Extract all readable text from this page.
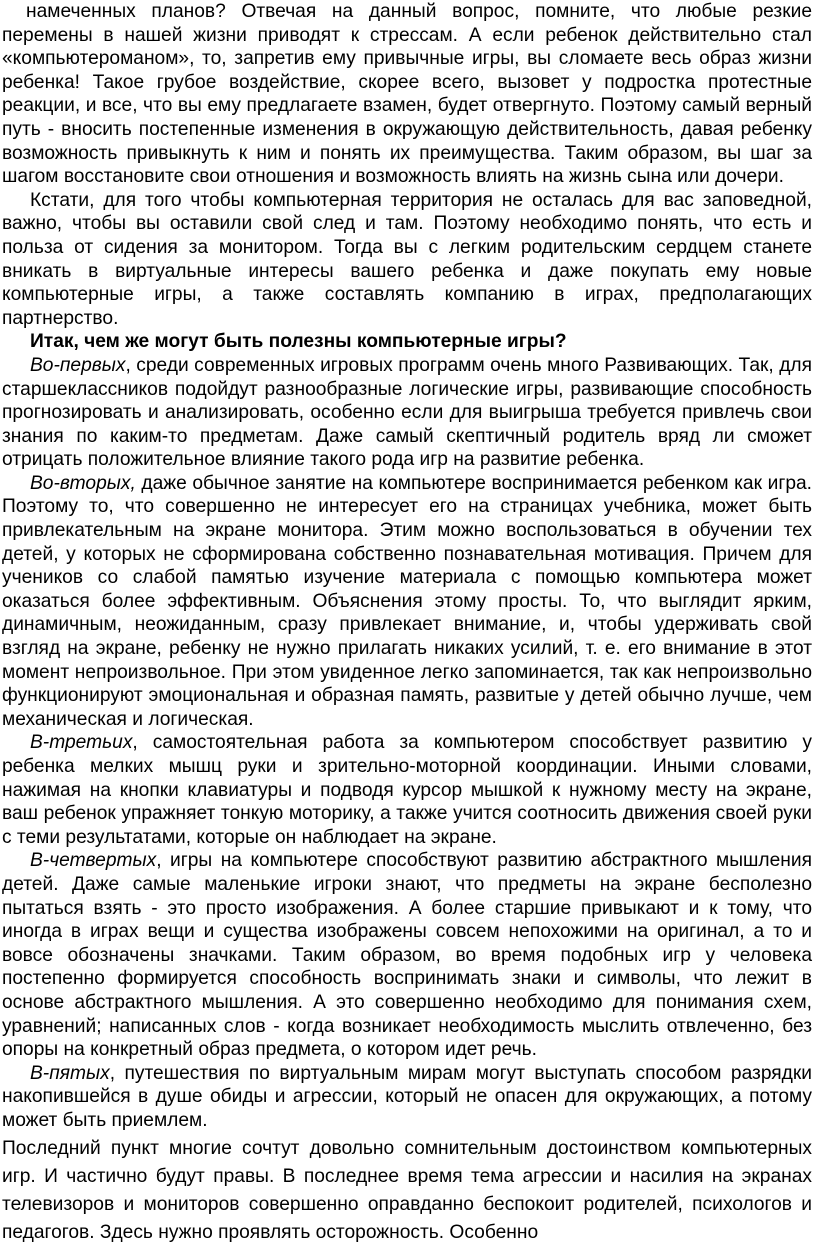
намеченных планов? Отвечая на данный вопрос, помните, что любые резкие перемены в нашей жизни приводят к стрессам. А если ребенок действительно стал «компьютероманом», то, запретив ему привычные игры, вы сломаете весь образ жизни ребенка! Такое грубое воздействие, скорее всего, вызовет у подростка протестные реакции, и все, что вы ему предлагаете взамен, будет отвергнуто. Поэтому самый верный путь - вносить постепенные изменения в окружающую действительность, давая ребенку возможность привыкнуть к ним и понять их преимущества. Таким образом, вы шаг за шагом восстановите свои отношения и возможность влиять на жизнь сына или дочери.

Кстати, для того чтобы компьютерная территория не осталась для вас заповедной, важно, чтобы вы оставили свой след и там. Поэтому необходимо понять, что есть и польза от сидения за монитором. Тогда вы с легким родительским сердцем станете вникать в виртуальные интересы вашего ребенка и даже покупать ему новые компьютерные игры, а также составлять компанию в играх, предполагающих партнерство.

Итак, чем же могут быть полезны компьютерные игры?

Во-первых, среди современных игровых программ очень много Развивающих. Так, для старшеклассников подойдут разнообразные логические игры, развивающие способность прогнозировать и анализировать, особенно если для выигрыша требуется привлечь свои знания по каким-то предметам. Даже самый скептичный родитель вряд ли сможет отрицать положительное влияние такого рода игр на развитие ребенка.

Во-вторых, даже обычное занятие на компьютере воспринимается ребенком как игра. Поэтому то, что совершенно не интересует его на страницах учебника, может быть привлекательным на экране монитора. Этим можно воспользоваться в обучении тех детей, у которых не сформирована собственно познавательная мотивация. Причем для учеников со слабой памятью изучение материала с помощью компьютера может оказаться более эффективным. Объяснения этому просты. То, что выглядит ярким, динамичным, неожиданным, сразу привлекает внимание, и, чтобы удерживать свой взгляд на экране, ребенку не нужно прилагать никаких усилий, т. е. его внимание в этот момент непроизвольное. При этом увиденное легко запоминается, так как непроизвольно функционируют эмоциональная и образная память, развитые у детей обычно лучше, чем механическая и логическая.

В-третьих, самостоятельная работа за компьютером способствует развитию у ребенка мелких мышц руки и зрительно-моторной координации. Иными словами, нажимая на кнопки клавиатуры и подводя курсор мышкой к нужному месту на экране, ваш ребенок упражняет тонкую моторику, а также учится соотносить движения своей руки с теми результатами, которые он наблюдает на экране.

В-четвертых, игры на компьютере способствуют развитию абстрактного мышления детей. Даже самые маленькие игроки знают, что предметы на экране бесполезно пытаться взять - это просто изображения. А более старшие привыкают и к тому, что иногда в играх вещи и существа изображены совсем непохожими на оригинал, а то и вовсе обозначены значками. Таким образом, во время подобных игр у человека постепенно формируется способность воспринимать знаки и символы, что лежит в основе абстрактного мышления. А это совершенно необходимо для понимания схем, уравнений; написанных слов - когда возникает необходимость мыслить отвлеченно, без опоры на конкретный образ предмета, о котором идет речь.

В-пятых, путешествия по виртуальным мирам могут выступать способом разрядки накопившейся в душе обиды и агрессии, который не опасен для окружающих, а потому может быть приемлем.

Последний пункт многие сочтут довольно сомнительным достоинством компьютерных игр. И частично будут правы. В последнее время тема агрессии и насилия на экранах телевизоров и мониторов совершенно оправданно беспокоит родителей, психологов и педагогов. Здесь нужно проявлять осторожность. Особенно
